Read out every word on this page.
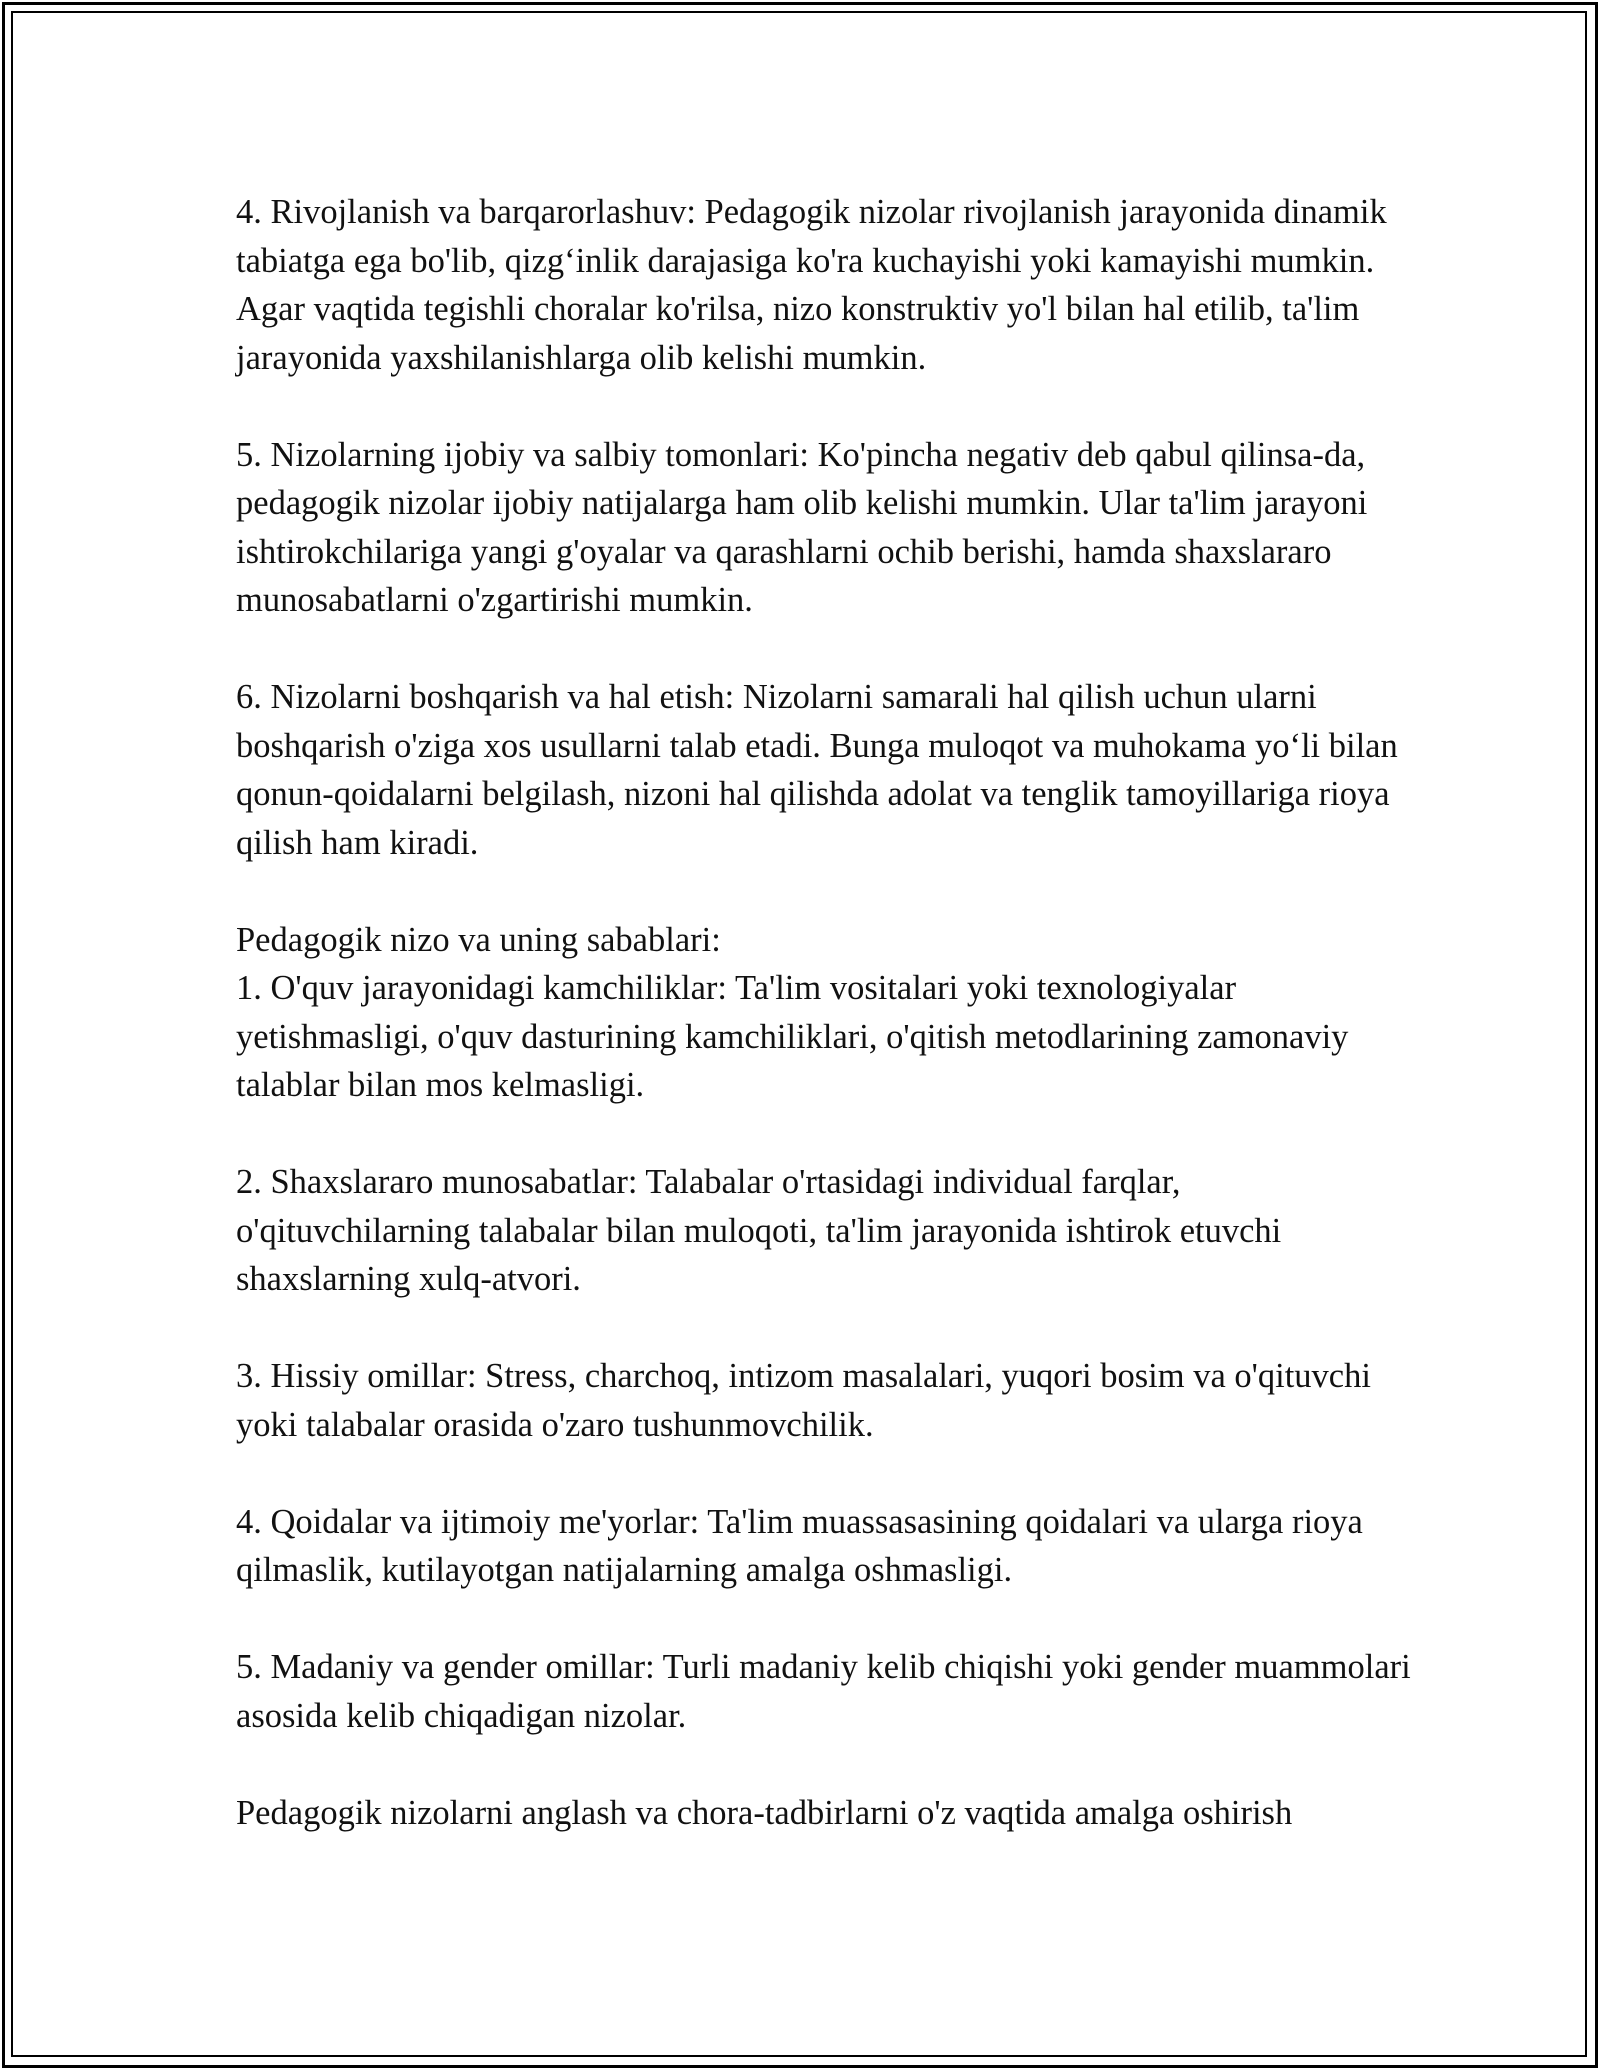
4. Rivojlanish va barqarorlashuv: Pedagogik nizolar rivojlanish jarayonida dinamik tabiatga ega bo'lib, qizg‘inlik darajasiga ko'ra kuchayishi yoki kamayishi mumkin. Agar vaqtida tegishli choralar ko'rilsa, nizo konstruktiv yo'l bilan hal etilib, ta'lim jarayonida yaxshilanishlarga olib kelishi mumkin.

5. Nizolarning ijobiy va salbiy tomonlari: Ko'pincha negativ deb qabul qilinsa-da, pedagogik nizolar ijobiy natijalarga ham olib kelishi mumkin. Ular ta'lim jarayoni ishtirokchilariga yangi g'oyalar va qarashlarni ochib berishi, hamda shaxslararo munosabatlarni o'zgartirishi mumkin.

6. Nizolarni boshqarish va hal etish: Nizolarni samarali hal qilish uchun ularni boshqarish o'ziga xos usullarni talab etadi. Bunga muloqot va muhokama yo‘li bilan qonun-qoidalarni belgilash, nizoni hal qilishda adolat va tenglik tamoyillariga rioya qilish ham kiradi.

Pedagogik nizo va uning sabablari:

1. O'quv jarayonidagi kamchiliklar: Ta'lim vositalari yoki texnologiyalar yetishmasligi, o'quv dasturining kamchiliklari, o'qitish metodlarining zamonaviy talablar bilan mos kelmasligi.

2. Shaxslararo munosabatlar: Talabalar o'rtasidagi individual farqlar, o'qituvchilarning talabalar bilan muloqoti, ta'lim jarayonida ishtirok etuvchi shaxslarning xulq-atvori.

3. Hissiy omillar: Stress, charchoq, intizom masalalari, yuqori bosim va o'qituvchi yoki talabalar orasida o'zaro tushunmovchilik.

4. Qoidalar va ijtimoiy me'yorlar: Ta'lim muassasasining qoidalari va ularga rioya qilmaslik, kutilayotgan natijalarning amalga oshmasligi.

5. Madaniy va gender omillar: Turli madaniy kelib chiqishi yoki gender muammolari asosida kelib chiqadigan nizolar.

Pedagogik nizolarni anglash va chora-tadbirlarni o'z vaqtida amalga oshirish
